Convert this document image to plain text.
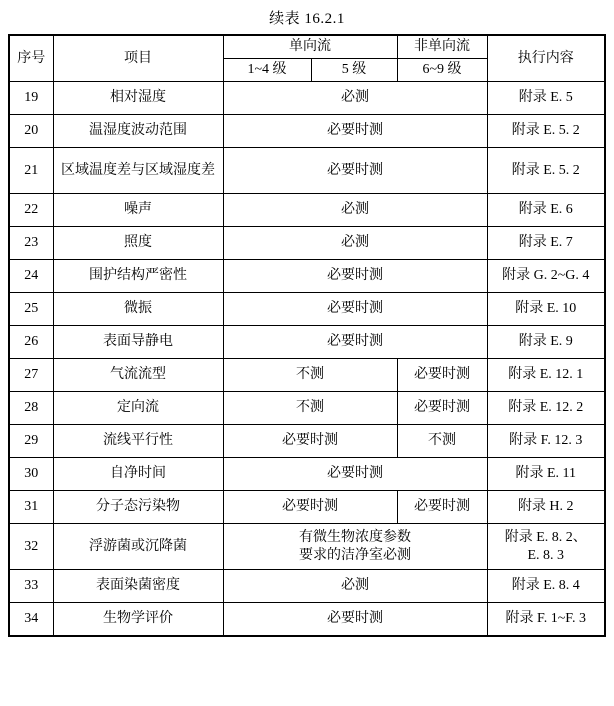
续表 16.2.1
序号	项目	单向流		非单向流	执行内容
		1~4 级	5 级	6~9 级	
19	相对湿度	必测			附录 E. 5
20	温湿度波动范围	必要时测			附录 E. 5. 2
21	区域温度差与区域湿度差	必要时测			附录 E. 5. 2
22	噪声	必测			附录 E. 6
23	照度	必测			附录 E. 7
24	围护结构严密性	必要时测			附录 G. 2~G. 4
25	微振	必要时测			附录 E. 10
26	表面导静电	必要时测			附录 E. 9
27	气流流型	不测		必要时测	附录 E. 12. 1
28	定向流	不测		必要时测	附录 E. 12. 2
29	流线平行性	必要时测		不测	附录 F. 12. 3
30	自净时间	必要时测			附录 E. 11
31	分子态污染物	必要时测		必要时测	附录 H. 2
32	浮游菌或沉降菌	有微生物浓度参数
要求的洁净室必测			附录 E. 8. 2、
E. 8. 3
33	表面染菌密度	必测			附录 E. 8. 4
34	生物学评价	必要时测			附录 F. 1~F. 3
